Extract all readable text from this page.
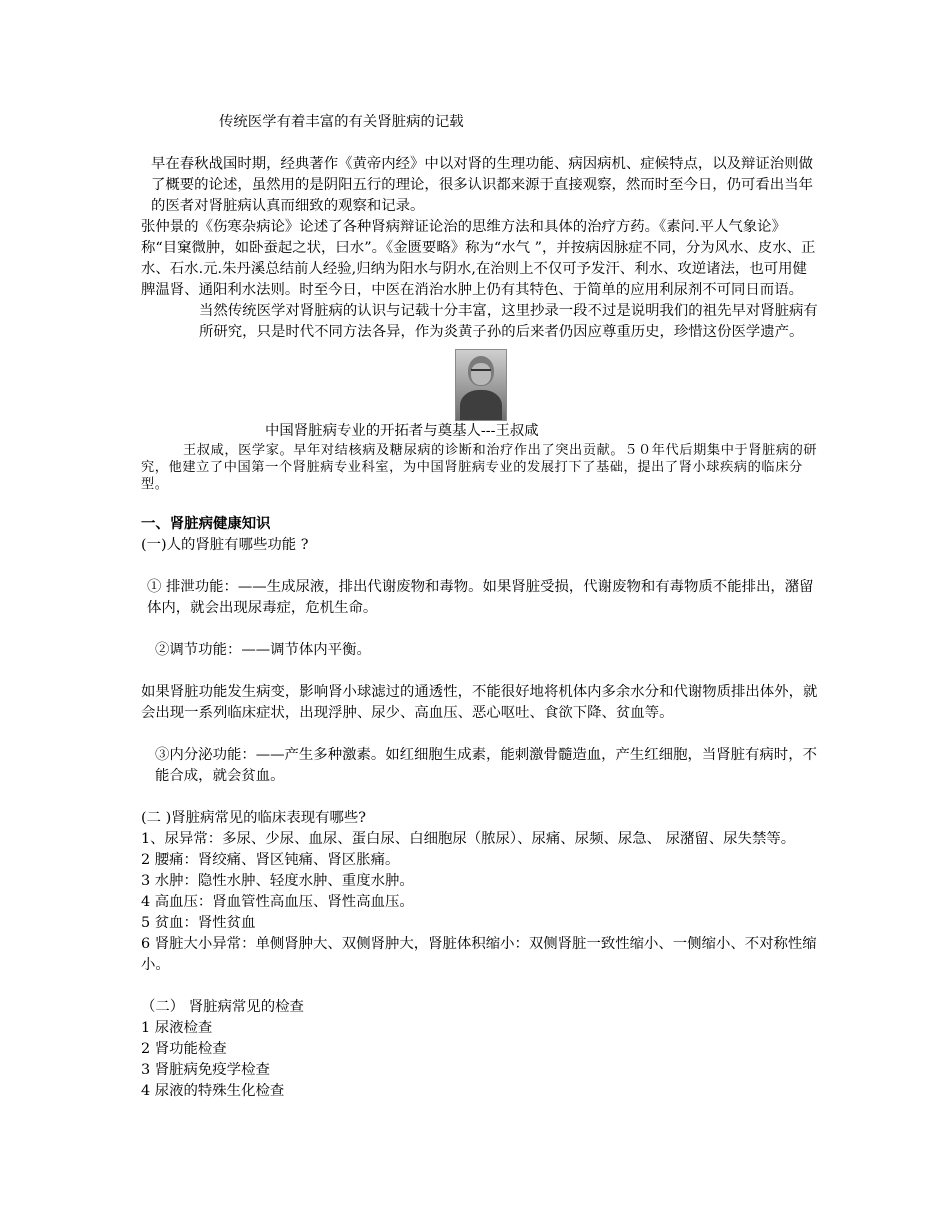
传统医学有着丰富的有关肾脏病的记载

早在春秋战国时期，经典著作《黄帝内经》中以对肾的生理功能、病因病机、症候特点，以及辩证治则做了概要的论述，虽然用的是阴阳五行的理论，很多认识都来源于直接观察，然而时至今日，仍可看出当年的医者对肾脏病认真而细致的观察和记录。

张仲景的《伤寒杂病论》论述了各种肾病辩证论治的思维方法和具体的治疗方药。《素问.平人气象论》称“目窠微肿，如卧蚕起之状，曰水”。《金匮要略》称为“水气 ”，并按病因脉症不同，分为风水、皮水、正水、石水.元.朱丹溪总结前人经验,归纳为阳水与阴水,在治则上不仅可予发汗、利水、攻逆诸法，也可用健脾温肾、通阳利水法则。时至今日，中医在消治水肿上仍有其特色、于简单的应用利尿剂不可同日而语。

当然传统医学对肾脏病的认识与记载十分丰富，这里抄录一段不过是说明我们的祖先早对肾脏病有所研究，只是时代不同方法各异，作为炎黄子孙的后来者仍因应尊重历史，珍惜这份医学遗产。

中国肾脏病专业的开拓者与奠基人---王叔咸

王叔咸，医学家。早年对结核病及糖尿病的诊断和治疗作出了突出贡献。５０年代后期集中于肾脏病的研究，他建立了中国第一个肾脏病专业科室，为中国肾脏病专业的发展打下了基础，提出了肾小球疾病的临床分型。

一、肾脏病健康知识

(一)人的肾脏有哪些功能 ?

① 排泄功能：——生成尿液，排出代谢废物和毒物。如果肾脏受损，代谢废物和有毒物质不能排出，潴留体内，就会出现尿毒症，危机生命。

②调节功能：——调节体内平衡。

如果肾脏功能发生病变，影响肾小球滤过的通透性，不能很好地将机体内多余水分和代谢物质排出体外，就会出现一系列临床症状，出现浮肿、尿少、高血压、恶心呕吐、食欲下降、贫血等。

③内分泌功能：——产生多种激素。如红细胞生成素，能刺激骨髓造血，产生红细胞，当肾脏有病时，不能合成，就会贫血。

(二 )肾脏病常见的临床表现有哪些?

1、尿异常：多尿、少尿、血尿、蛋白尿、白细胞尿（脓尿）、尿痛、尿频、尿急、 尿潴留、尿失禁等。

2 腰痛：肾绞痛、肾区钝痛、肾区胀痛。

3 水肿：隐性水肿、轻度水肿、重度水肿。

4 高血压：肾血管性高血压、肾性高血压。

5 贫血：肾性贫血

6 肾脏大小异常：单侧肾肿大、双侧肾肿大，肾脏体积缩小：双侧肾脏一致性缩小、一侧缩小、不对称性缩小。

（二） 肾脏病常见的检查

1 尿液检查

2 肾功能检查

3 肾脏病免疫学检查

4 尿液的特殊生化检查
